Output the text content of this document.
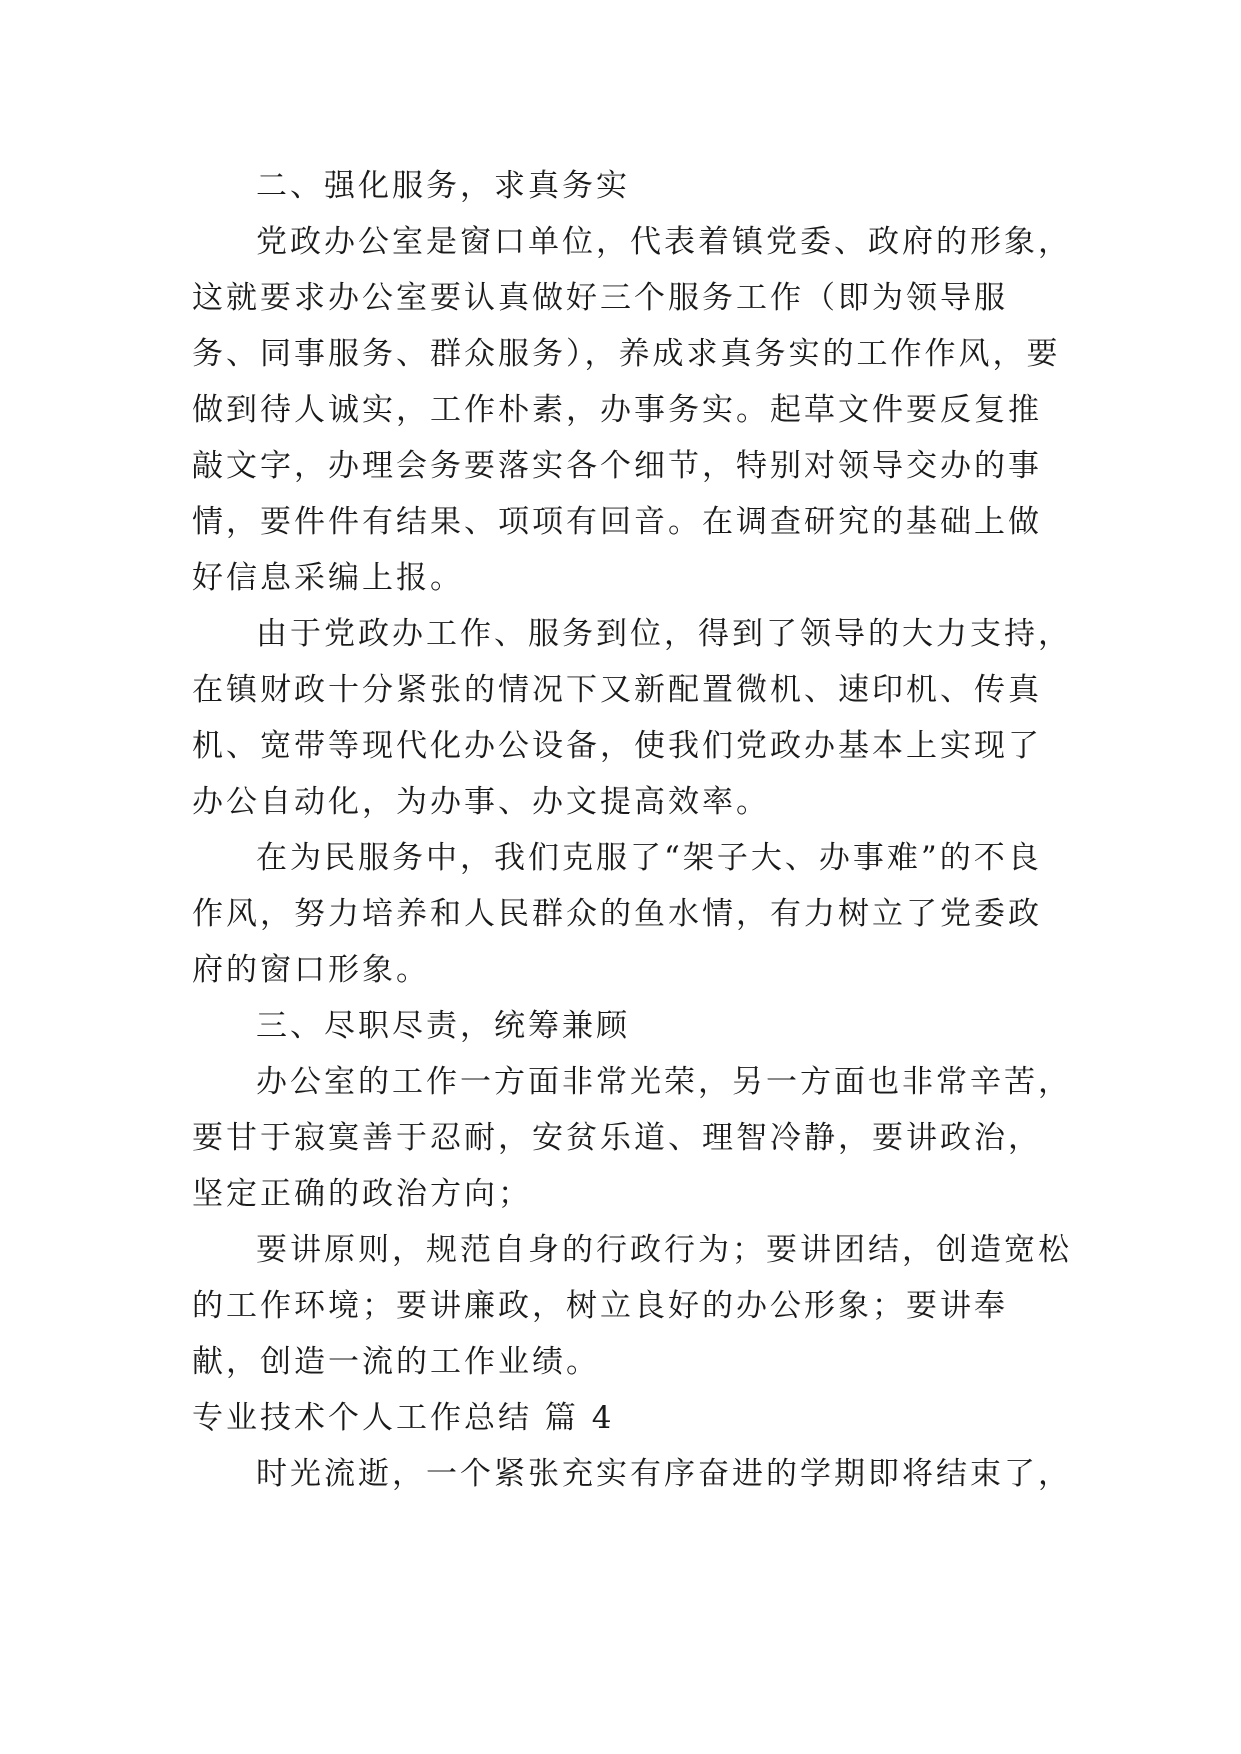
二、强化服务，求真务实

党政办公室是窗口单位，代表着镇党委、政府的形象，这就要求办公室要认真做好三个服务工作（即为领导服务、同事服务、群众服务），养成求真务实的工作作风，要做到待人诚实，工作朴素，办事务实。起草文件要反复推敲文字，办理会务要落实各个细节，特别对领导交办的事情，要件件有结果、项项有回音。在调查研究的基础上做好信息采编上报。

由于党政办工作、服务到位，得到了领导的大力支持，在镇财政十分紧张的情况下又新配置微机、速印机、传真机、宽带等现代化办公设备，使我们党政办基本上实现了办公自动化，为办事、办文提高效率。

在为民服务中，我们克服了“架子大、办事难”的不良作风，努力培养和人民群众的鱼水情，有力树立了党委政府的窗口形象。

三、尽职尽责，统筹兼顾

办公室的工作一方面非常光荣，另一方面也非常辛苦，要甘于寂寞善于忍耐，安贫乐道、理智冷静，要讲政治，坚定正确的政治方向；

要讲原则，规范自身的行政行为；要讲团结，创造宽松的工作环境；要讲廉政，树立良好的办公形象；要讲奉献，创造一流的工作业绩。

专业技术个人工作总结 篇 4

时光流逝，一个紧张充实有序奋进的学期即将结束了，
